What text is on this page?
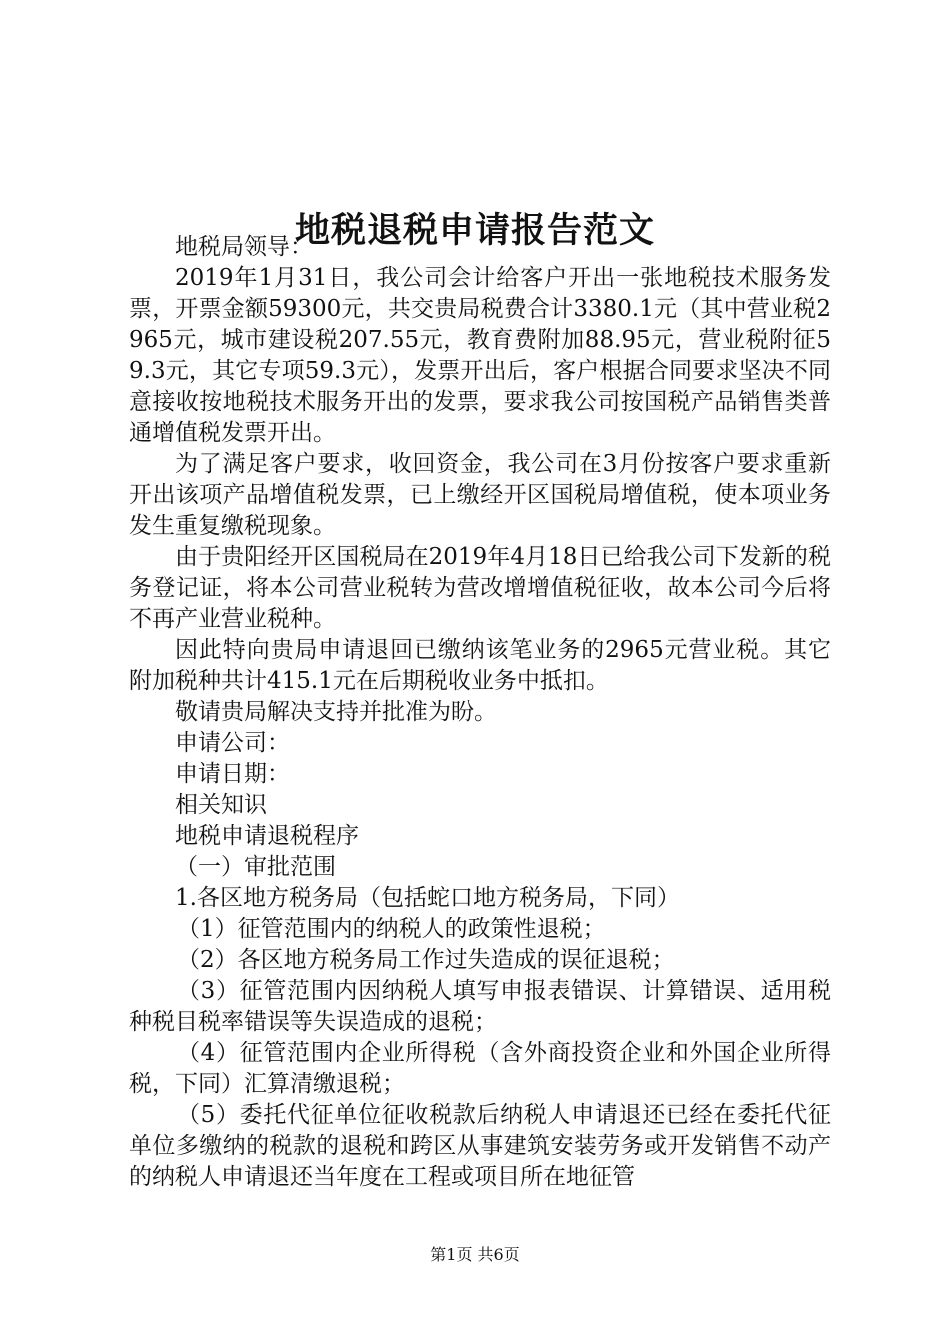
地税退税申请报告范文

地税局领导：

2019年1月31日，我公司会计给客户开出一张地税技术服务发票，开票金额59300元，共交贵局税费合计3380.1元（其中营业税2965元，城市建设税207.55元，教育费附加88.95元，营业税附征59.3元，其它专项59.3元），发票开出后，客户根据合同要求坚决不同意接收按地税技术服务开出的发票，要求我公司按国税产品销售类普通增值税发票开出。

为了满足客户要求，收回资金，我公司在3月份按客户要求重新开出该项产品增值税发票，已上缴经开区国税局增值税，使本项业务发生重复缴税现象。

由于贵阳经开区国税局在2019年4月18日已给我公司下发新的税务登记证，将本公司营业税转为营改增增值税征收，故本公司今后将不再产业营业税种。

因此特向贵局申请退回已缴纳该笔业务的2965元营业税。其它附加税种共计415.1元在后期税收业务中抵扣。

敬请贵局解决支持并批准为盼。

申请公司：

申请日期：

相关知识

地税申请退税程序

（一）审批范围

1.各区地方税务局（包括蛇口地方税务局，下同）

（1）征管范围内的纳税人的政策性退税；

（2）各区地方税务局工作过失造成的误征退税；

（3）征管范围内因纳税人填写申报表错误、计算错误、适用税种税目税率错误等失误造成的退税；

（4）征管范围内企业所得税（含外商投资企业和外国企业所得税，下同）汇算清缴退税；

（5）委托代征单位征收税款后纳税人申请退还已经在委托代征单位多缴纳的税款的退税和跨区从事建筑安装劳务或开发销售不动产的纳税人申请退还当年度在工程或项目所在地征管

第1页 共6页
